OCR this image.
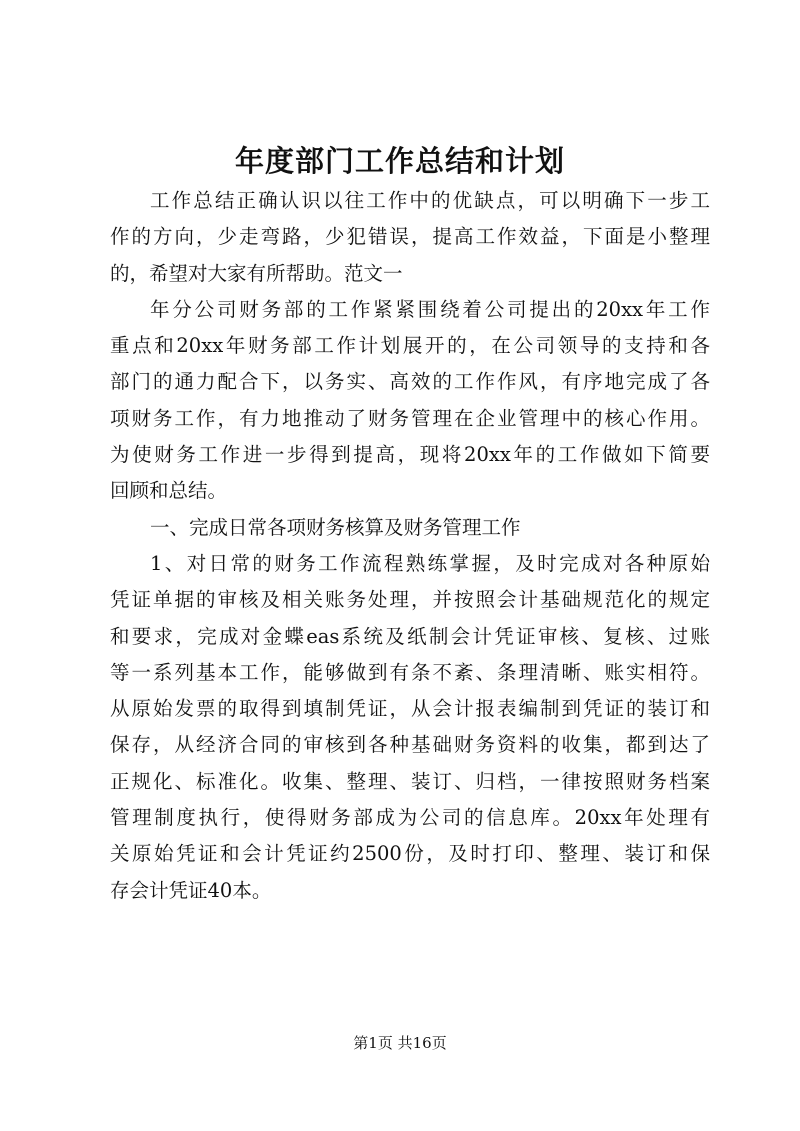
年度部门工作总结和计划
工作总结正确认识以往工作中的优缺点，可以明确下一步工
作的方向，少走弯路，少犯错误，提高工作效益，下面是小整理
的，希望对大家有所帮助。范文一
年分公司财务部的工作紧紧围绕着公司提出的20xx年工作
重点和20xx年财务部工作计划展开的，在公司领导的支持和各
部门的通力配合下，以务实、高效的工作作风，有序地完成了各
项财务工作，有力地推动了财务管理在企业管理中的核心作用。
为使财务工作进一步得到提高，现将20xx年的工作做如下简要
回顾和总结。
一、完成日常各项财务核算及财务管理工作
1、对日常的财务工作流程熟练掌握，及时完成对各种原始
凭证单据的审核及相关账务处理，并按照会计基础规范化的规定
和要求，完成对金蝶eas系统及纸制会计凭证审核、复核、过账
等一系列基本工作，能够做到有条不紊、条理清晰、账实相符。
从原始发票的取得到填制凭证，从会计报表编制到凭证的装订和
保存，从经济合同的审核到各种基础财务资料的收集，都到达了
正规化、标准化。收集、整理、装订、归档，一律按照财务档案
管理制度执行，使得财务部成为公司的信息库。20xx年处理有
关原始凭证和会计凭证约2500份，及时打印、整理、装订和保
存会计凭证40本。
第1页 共16页
